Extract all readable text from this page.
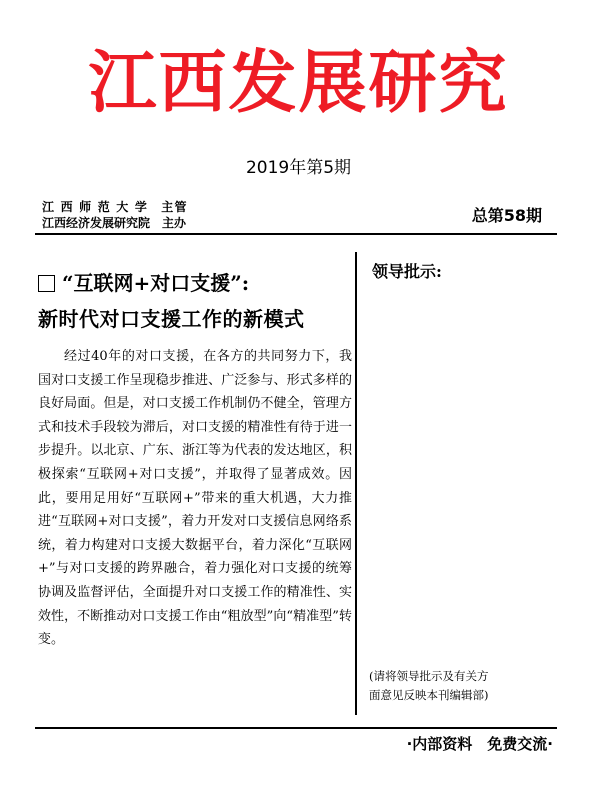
江西发展研究
2019年第5期
江 西 师 范 大 学　主管
江西经济发展研究院　主办	总第58期
“互联网+对口支援”:
新时代对口支援工作的新模式
经过40年的对口支援，在各方的共同努力下，我国对口支援工作呈现稳步推进、广泛参与、形式多样的良好局面。但是，对口支援工作机制仍不健全，管理方式和技术手段较为滞后，对口支援的精准性有待于进一步提升。以北京、广东、浙江等为代表的发达地区，积极探索“互联网+对口支援”，并取得了显著成效。因此，要用足用好“互联网+”带来的重大机遇，大力推进“互联网+对口支援”，着力开发对口支援信息网络系统，着力构建对口支援大数据平台，着力深化“互联网+”与对口支援的跨界融合，着力强化对口支援的统筹协调及监督评估，全面提升对口支援工作的精准性、实效性，不断推动对口支援工作由“粗放型”向“精准型”转变。
领导批示:
(请将领导批示及有关方
面意见反映本刊编辑部)
·内部资料　免费交流·
